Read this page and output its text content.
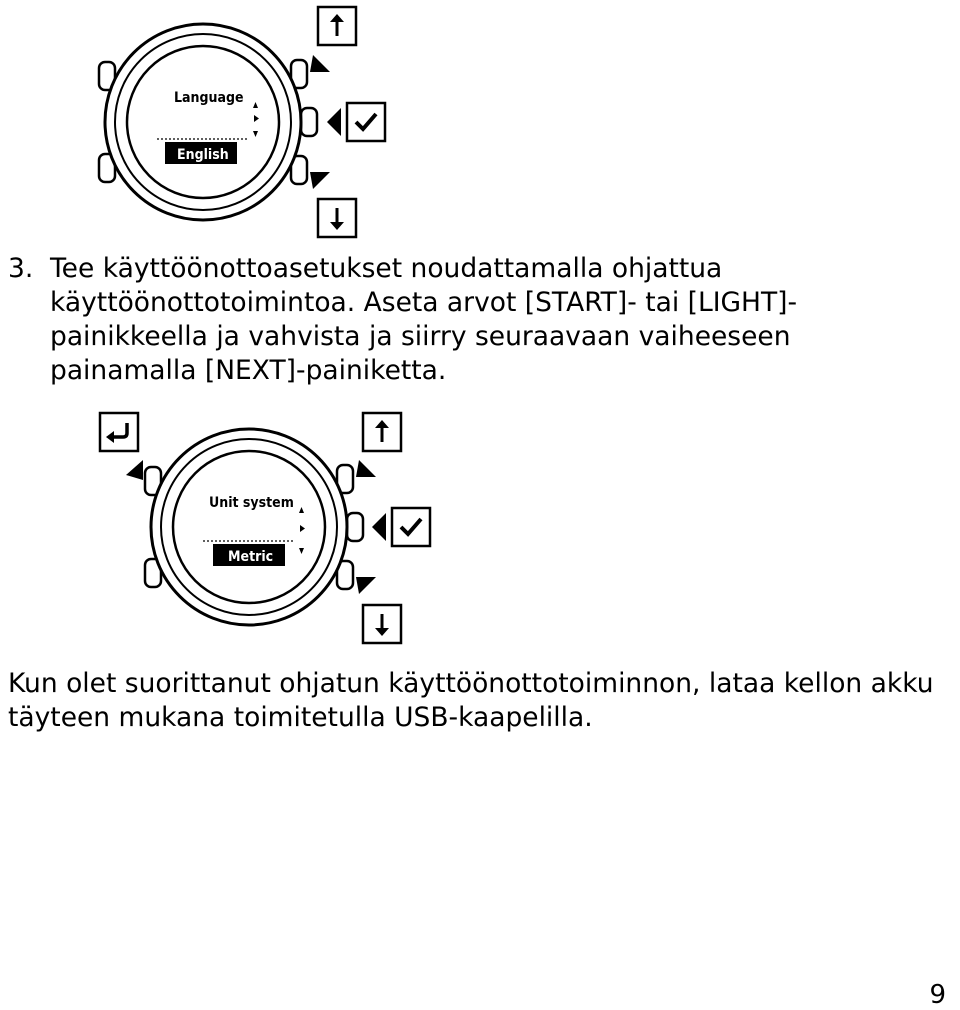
Language
English
3. Tee käyttöönottoasetukset noudattamalla ohjattua käyttöönottotoimintoa. Aseta arvot [START]- tai [LIGHT]-painikkeella ja vahvista ja siirry seuraavaan vaiheeseen painamalla [NEXT]-painiketta.
Unit system
Metric
Kun olet suorittanut ohjatun käyttöönottotoiminnon, lataa kellon akku täyteen mukana toimitetulla USB-kaapelilla.
9
